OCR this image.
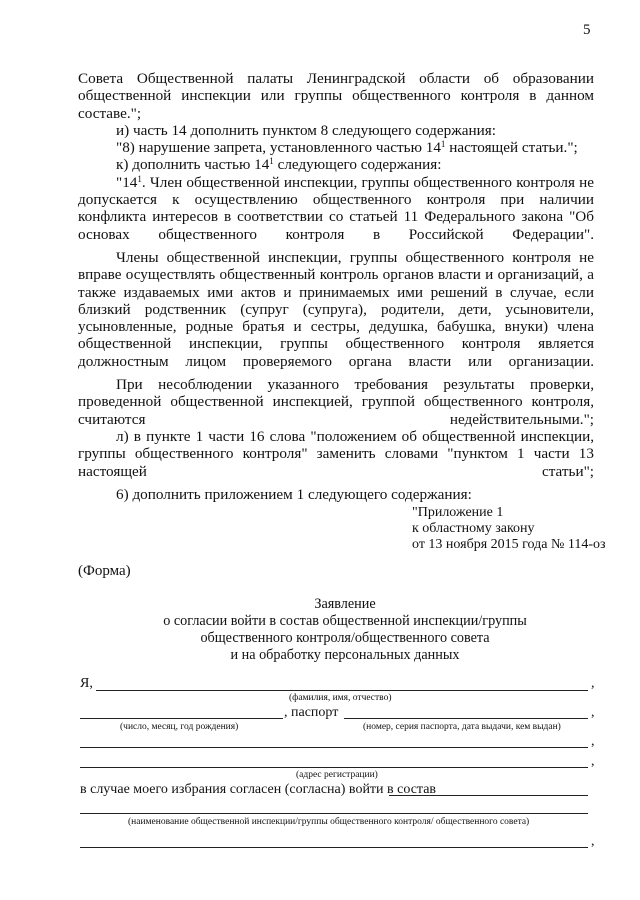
5

Совета Общественной палаты Ленинградской области об образовании общественной инспекции или группы общественного контроля в данном составе.";

и) часть 14 дополнить пунктом 8 следующего содержания:

"8) нарушение запрета, установленного частью $14^1$ настоящей статьи.";

к) дополнить частью $14^1$ следующего содержания:

"$14^1$. Член общественной инспекции, группы общественного контроля не допускается к осуществлению общественного контроля при наличии конфликта интересов в соответствии со статьей 11 Федерального закона "Об основах общественного контроля в Российской Федерации".

Члены общественной инспекции, группы общественного контроля не вправе осуществлять общественный контроль органов власти и организаций, а также издаваемых ими актов и принимаемых ими решений в случае, если близкий родственник (супруг (супруга), родители, дети, усыновители, усыновленные, родные братья и сестры, дедушка, бабушка, внуки) члена общественной инспекции, группы общественного контроля является должностным лицом проверяемого органа власти или организации.

При несоблюдении указанного требования результаты проверки, проведенной общественной инспекцией, группой общественного контроля, считаются недействительными.";

л) в пункте 1 части 16 слова "положением об общественной инспекции, группы общественного контроля" заменить словами "пунктом 1 части 13 настоящей статьи";

6) дополнить приложением 1 следующего содержания:

"Приложение 1
к областному закону
от 13 ноября 2015 года № 114-оз
(Форма)
Заявление
о согласии войти в состав общественной инспекции/группы
общественного контроля/общественного совета
и на обработку персональных данных
Я,	,
(фамилия, имя, отчество)
, паспорт	,
(число, месяц, год рождения)	(номер, серия паспорта, дата выдачи, кем выдан)
,
,
(адрес регистрации)
в случае моего избрания согласен (согласна) войти в состав
(наименование общественной инспекции/группы общественного контроля/ общественного совета)
,
